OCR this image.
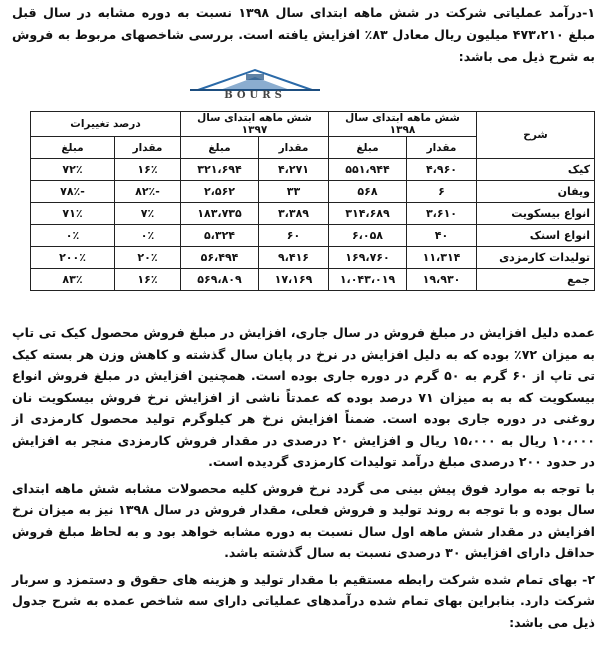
۱-درآمد عملیاتی شرکت در شش ماهه ابتدای سال ۱۳۹۸ نسبت به دوره مشابه در سال قبل مبلغ ۴۷۳،۲۱۰ میلیون ریال معادل ۸۳٪ افزایش یافته است. بررسی شاخصهای مربوط به فروش به شرح ذیل می باشد:

BOURS
شرح	شش ماهه ابتدای سال ۱۳۹۸		شش ماهه ابتدای سال ۱۳۹۷		درصد تغییرات	
	مقدار	مبلغ	مقدار	مبلغ	مقدار	مبلغ
کیک	۴،۹۶۰	۵۵۱،۹۴۴	۴،۲۷۱	۳۲۱،۶۹۴	۱۶٪	۷۲٪
ویفان	۶	۵۶۸	۳۳	۲،۵۶۲	-۸۲٪	-۷۸٪
انواع بیسکویت	۳،۶۱۰	۳۱۴،۶۸۹	۳،۳۸۹	۱۸۳،۷۳۵	۷٪	۷۱٪
انواع اسنک	۴۰	۶،۰۵۸	۶۰	۵،۳۲۴	۰٪	۰٪
تولیدات کارمزدی	۱۱،۳۱۴	۱۶۹،۷۶۰	۹،۴۱۶	۵۶،۴۹۴	۲۰٪	۲۰۰٪
جمع	۱۹،۹۳۰	۱،۰۴۳،۰۱۹	۱۷،۱۶۹	۵۶۹،۸۰۹	۱۶٪	۸۳٪

عمده دلیل افزایش در مبلغ فروش در سال جاری، افزایش در مبلغ فروش محصول کیک تی تاپ به میزان ۷۲٪ بوده که به دلیل افزایش در نرخ در پایان سال گذشته و کاهش وزن هر بسته کیک تی تاپ از ۶۰ گرم به ۵۰ گرم در دوره جاری بوده است. همچنین افزایش در مبلغ فروش انواع بیسکویت که به به میزان ۷۱ درصد بوده که عمدتاً ناشی از افزایش نرخ فروش بیسکویت نان روغنی در دوره جاری بوده است. ضمناً افزایش نرخ هر کیلوگرم تولید محصول کارمزدی از ۱۰،۰۰۰ ریال به ۱۵،۰۰۰ ریال و افزایش ۲۰ درصدی در مقدار فروش کارمزدی منجر به افزایش در حدود ۲۰۰ درصدی مبلغ درآمد تولیدات کارمزدی گردیده است.

با توجه به موارد فوق پیش بینی می گردد نرخ فروش کلیه محصولات مشابه شش ماهه ابتدای سال بوده و با توجه به روند تولید و فروش فعلی، مقدار فروش در سال ۱۳۹۸ نیز به میزان نرخ افزایش در مقدار شش ماهه اول سال نسبت به دوره مشابه خواهد بود و به لحاظ مبلغ فروش حداقل دارای افزایش ۳۰ درصدی نسبت به سال گذشته باشد.

۲- بهای تمام شده شرکت رابطه مستقیم با مقدار تولید و هزینه های حقوق و دستمزد و سربار شرکت دارد. بنابراین بهای تمام شده درآمدهای عملیاتی دارای سه شاخص عمده به شرح جدول ذیل می باشد:
